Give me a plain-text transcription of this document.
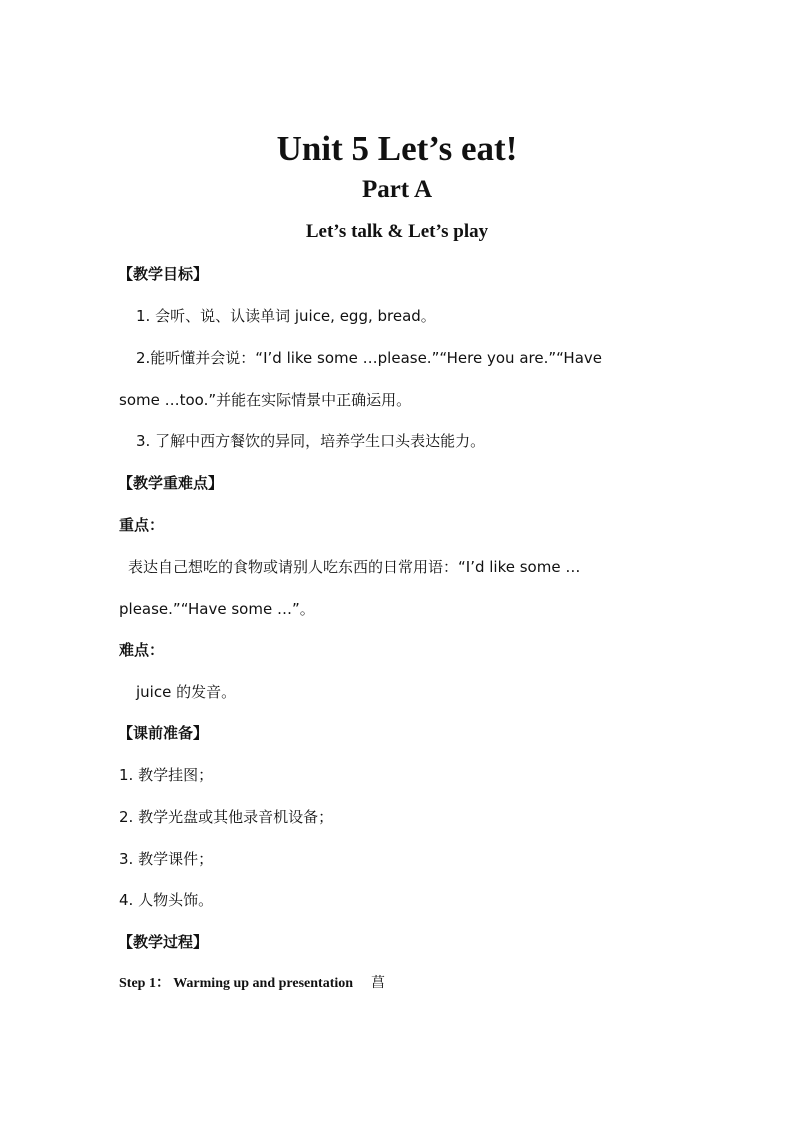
Unit 5 Let’s eat!
Part A
Let’s talk & Let’s play
【教学目标】
1. 会听、说、认读单词 juice, egg, bread。
2.能听懂并会说：“I’d like some …please.”“Here you are.”“Have
some …too.”并能在实际情景中正确运用。
3. 了解中西方餐饮的异同，培养学生口头表达能力。
【教学重难点】
重点：
表达自己想吃的食物或请别人吃东西的日常用语：“I’d like some …
please.”“Have some …”。
难点：
juice 的发音。
【课前准备】
1. 教学挂图；
2. 教学光盘或其他录音机设备；
3. 教学课件；
4. 人物头饰。
【教学过程】
Step 1： Warming up and presentation 菖
